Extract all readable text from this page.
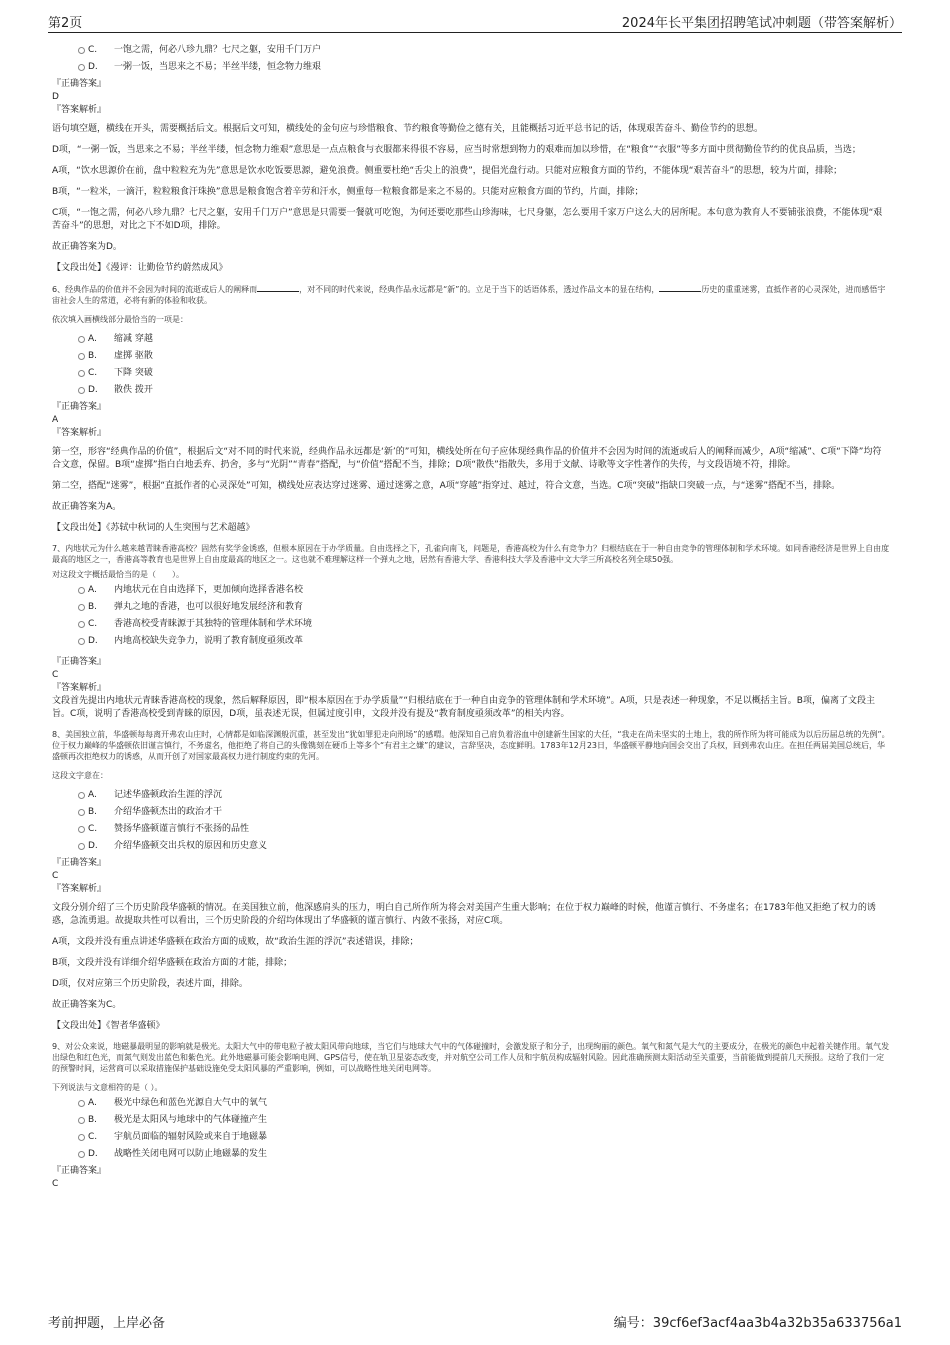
第2页	2024年长平集团招聘笔试冲刺题（带答案解析）
C. 一饱之需，何必八珍九鼎？七尺之躯，安用千门万户
D. 一粥一饭，当思来之不易；半丝半缕，恒念物力维艰
『正确答案』
D
『答案解析』

语句填空题，横线在开头，需要概括后文。根据后文可知，横线处的金句应与珍惜粮食、节约粮食等勤俭之德有关，且能概括习近平总书记的话，体现艰苦奋斗、勤俭节约的思想。

D项，“一粥一饭，当思来之不易；半丝半缕，恒念物力维艰”意思是一点点粮食与衣服都来得很不容易，应当时常想到物力的艰难而加以珍惜，在“粮食”“衣服”等多方面中贯彻勤俭节约的优良品质，当选；

A项，“饮水思源价在前，盘中粒粒充为先”意思是饮水吃饭要思源，避免浪费。侧重要杜绝“舌尖上的浪费”，提倡光盘行动。只能对应粮食方面的节约，不能体现“艰苦奋斗”的思想，较为片面，排除；

B项，“一粒米，一滴汗，粒粒粮食汗珠换”意思是粮食饱含着辛劳和汗水，侧重每一粒粮食都是来之不易的。只能对应粮食方面的节约，片面，排除；

C项，“一饱之需，何必八珍九鼎？七尺之躯，安用千门万户”意思是只需要一餐就可吃饱，为何还要吃那些山珍海味，七尺身躯，怎么要用千家万户这么大的居所呢。本句意为教育人不要铺张浪费，不能体现“艰苦奋斗”的思想，对比之下不如D项，排除。

故正确答案为D。

【文段出处】《漫评：让勤俭节约蔚然成风》

6、经典作品的价值并不会因为时间的流逝或后人的阐释而	，对不同的时代来说，经典作品永远都是“新”的。立足于当下的话语体系，透过作品文本的显在结构，	历史的重重迷雾，直抵作者的心灵深处，进而感悟宇宙社会人生的常道，必将有新的体验和收获。

依次填入画横线部分最恰当的一项是：

A. 缩减 穿越
B. 虚掷 驱散
C. 下降 突破
D. 散佚 拨开
『正确答案』
A
『答案解析』

第一空，形容“经典作品的价值”，根据后文“对不同的时代来说，经典作品永远都是‘新’的”可知，横线处所在句子应体现经典作品的价值并不会因为时间的流逝或后人的阐释而减少，A项“缩减”、C项“下降”均符合文意，保留。B项“虚掷”指白白地丢弃、扔舍，多与“光阴”“青春”搭配，与“价值”搭配不当，排除；D项“散佚”指散失，多用于文献、诗歌等文字性著作的失传，与文段语境不符，排除。

第二空，搭配“迷雾”，根据“直抵作者的心灵深处”可知，横线处应表达穿过迷雾、通过迷雾之意，A项“穿越”指穿过、越过，符合文意，当选。C项“突破”指缺口突破一点，与“迷雾”搭配不当，排除。

故正确答案为A。

【文段出处】《苏轼中秋词的人生突围与艺术超越》

7、内地状元为什么越来越青睐香港高校？固然有奖学金诱惑，但根本原因在于办学质量。自由选择之下，孔雀向南飞，问题是，香港高校为什么有竞争力？归根结底在于一种自由竞争的管理体制和学术环境。如同香港经济是世界上自由度最高的地区之一，香港高等教育也是世界上自由度最高的地区之一。这也就不难理解这样一个弹丸之地，居然有香港大学、香港科技大学及香港中文大学三所高校名列全球50强。

对这段文字概括最恰当的是（　　）。

A. 内地状元在自由选择下，更加倾向选择香港名校
B. 弹丸之地的香港，也可以很好地发展经济和教育
C. 香港高校受青睐源于其独特的管理体制和学术环境
D. 内地高校缺失竞争力，说明了教育制度亟须改革
『正确答案』
C
『答案解析』

文段首先提出内地状元青睐香港高校的现象，然后解释原因，即“根本原因在于办学质量”“归根结底在于一种自由竞争的管理体制和学术环境”。A项，只是表述一种现象，不足以概括主旨。B项，偏离了文段主旨。C项，说明了香港高校受到青睐的原因，D项，虽表述无误，但属过度引申，文段并没有提及“教育制度亟须改革”的相关内容。

8、美国独立前，华盛顿每每离开弗农山庄时，心情都是如临深渊般沉重，甚至发出“犹如罪犯走向刑场”的感喟。他深知自己肩负着浴血中创建新生国家的大任，“我走在尚未坚实的土地上，我的所作所为将可能成为以后历届总统的先例”。位于权力巅峰的华盛顿依旧谨言慎行，不务虚名，他拒绝了将自己的头像镌刻在硬币上等多个“有君主之嫌”的建议，言辞坚决，态度鲜明。1783年12月23日，华盛顿平静地向国会交出了兵权，回到弗农山庄。在担任两届美国总统后，华盛顿再次拒绝权力的诱惑，从而开创了对国家最高权力进行制度约束的先河。

这段文字意在：

A. 记述华盛顿政治生涯的浮沉
B. 介绍华盛顿杰出的政治才干
C. 赞扬华盛顿谨言慎行不张扬的品性
D. 介绍华盛顿交出兵权的原因和历史意义
『正确答案』
C
『答案解析』

文段分别介绍了三个历史阶段华盛顿的情况。在美国独立前，他深感肩头的压力，明白自己所作所为将会对美国产生重大影响；在位于权力巅峰的时候，他谨言慎行、不务虚名；在1783年他又拒绝了权力的诱惑，急流勇退。故提取共性可以看出，三个历史阶段的介绍均体现出了华盛顿的谨言慎行、内敛不张扬，对应C项。

A项，文段并没有重点讲述华盛顿在政治方面的成败，故“政治生涯的浮沉”表述错误，排除；

B项，文段并没有详细介绍华盛顿在政治方面的才能，排除；

D项，仅对应第三个历史阶段，表述片面，排除。

故正确答案为C。

【文段出处】《智者华盛顿》

9、对公众来说，地磁暴最明显的影响就是极光。太阳大气中的带电粒子被太阳风带向地球，当它们与地球大气中的气体碰撞时，会激发原子和分子，出现绚丽的颜色。氧气和氮气是大气的主要成分，在极光的颜色中起着关键作用。氧气发出绿色和红色光，而氮气则发出蓝色和紫色光。此外地磁暴可能会影响电网、GPS信号，使在轨卫星姿态改变，并对航空公司工作人员和宇航员构成辐射风险。因此准确预测太阳活动至关重要，当前能做到提前几天预报。这给了我们一定的预警时间，运营商可以采取措施保护基础设施免受太阳风暴的严重影响，例如，可以战略性地关闭电网等。

下列说法与文意相符的是（ ）。

A. 极光中绿色和蓝色光源自大气中的氧气
B. 极光是太阳风与地球中的气体碰撞产生
C. 宇航员面临的辐射风险或来自于地磁暴
D. 战略性关闭电网可以防止地磁暴的发生
『正确答案』
C
考前押题，上岸必备	编号：39cf6ef3acf4aa3b4a32b35a633756a1
